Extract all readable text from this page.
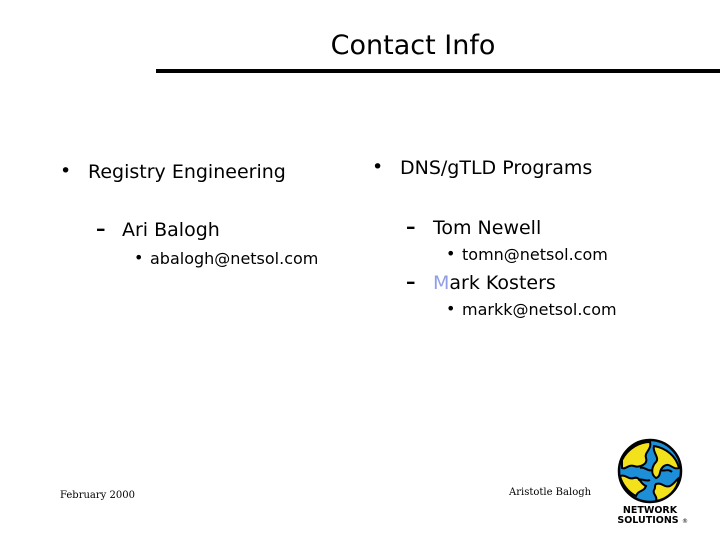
Contact Info
• Registry Engineering
– Ari Balogh
• abalogh@netsol.com
• DNS/gTLD Programs
– Tom Newell
• tomn@netsol.com
– Mark Kosters
• markk@netsol.com
February 2000	Aristotle Balogh
NETWORK
SOLUTIONS ®
